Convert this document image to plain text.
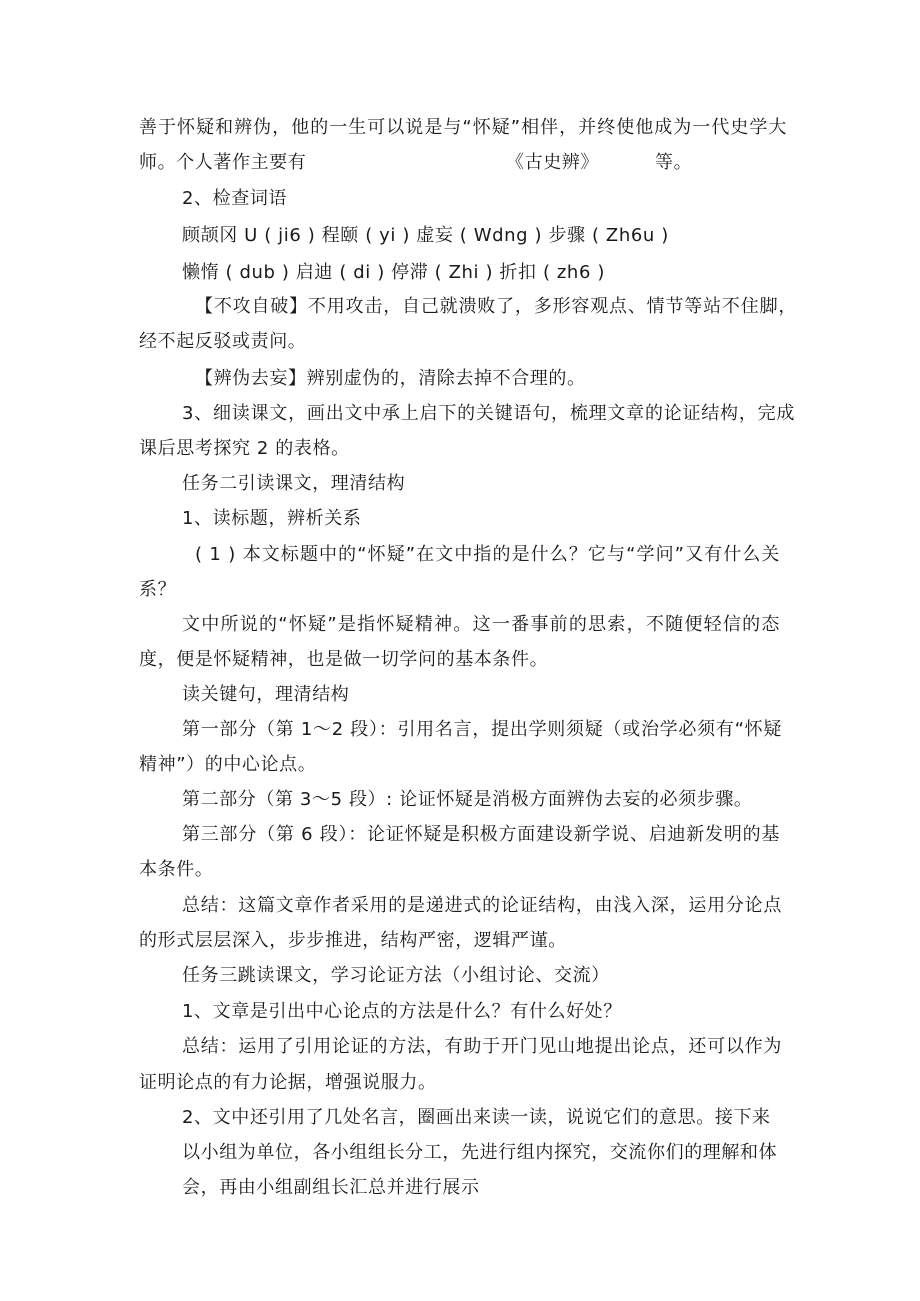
善于怀疑和辨伪，他的一生可以说是与“怀疑”相伴，并终使他成为一代史学大
师。个人著作主要有	《古史辨》	等。
2、检查词语
顾颉冈 U ( ji6 ) 程颐 ( yi ) 虚妄 ( Wdng ) 步骤 ( Zh6u )
懒惰 ( dub ) 启迪 ( di ) 停滞 ( Zhi ) 折扣 ( zh6 )
【不攻自破】不用攻击，自己就溃败了，多形容观点、情节等站不住脚，
经不起反驳或责问。
【辨伪去妄】辨别虚伪的，清除去掉不合理的。
3、细读课文，画出文中承上启下的关键语句，梳理文章的论证结构，完成
课后思考探究 2 的表格。
任务二引读课文，理清结构
1、读标题，辨析关系
( 1 ) 本文标题中的“怀疑”在文中指的是什么？它与“学问”又有什么关
系？
文中所说的“怀疑”是指怀疑精神。这一番事前的思索，不随便轻信的态
度，便是怀疑精神，也是做一切学问的基本条件。
读关键句，理清结构
第一部分（第 1〜2 段）：引用名言，提出学则须疑（或治学必须有“怀疑
精神”）的中心论点。
第二部分（第 3〜5 段）: 论证怀疑是消极方面辨伪去妄的必须步骤。
第三部分（第 6 段）：论证怀疑是积极方面建设新学说、启迪新发明的基
本条件。
总结：这篇文章作者采用的是递进式的论证结构，由浅入深，运用分论点
的形式层层深入，步步推进，结构严密，逻辑严谨。
任务三跳读课文，学习论证方法（小组讨论、交流）
1、文章是引出中心论点的方法是什么？有什么好处？
总结：运用了引用论证的方法，有助于开门见山地提出论点，还可以作为
证明论点的有力论据，增强说服力。
2、文中还引用了几处名言，圈画出来读一读，说说它们的意思。接下来
以小组为单位，各小组组长分工，先进行组内探究，交流你们的理解和体
会，再由小组副组长汇总并进行展示
